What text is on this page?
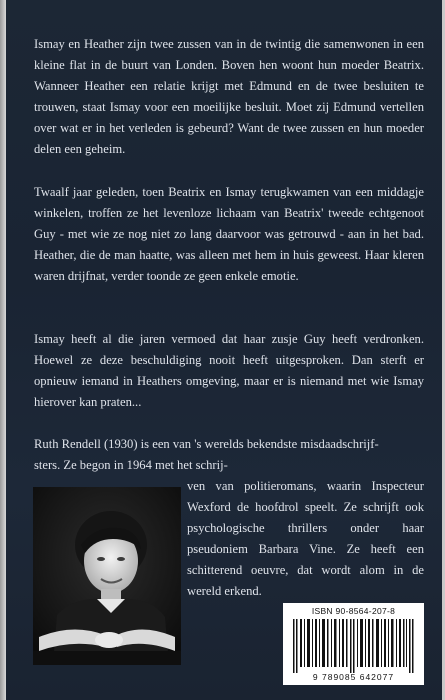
Ismay en Heather zijn twee zussen van in de twintig die samenwonen in een kleine flat in de buurt van Londen. Boven hen woont hun moeder Beatrix. Wanneer Heather een relatie krijgt met Edmund en de twee besluiten te trouwen, staat Ismay voor een moeilijke besluit. Moet zij Edmund vertellen over wat er in het verleden is gebeurd? Want de twee zussen en hun moeder delen een geheim.
Twaalf jaar geleden, toen Beatrix en Ismay terugkwamen van een middagje winkelen, troffen ze het levenloze lichaam van Beatrix' tweede echtgenoot Guy - met wie ze nog niet zo lang daarvoor was getrouwd - aan in het bad. Heather, die de man haatte, was alleen met hem in huis geweest. Haar kleren waren drijfnat, verder toonde ze geen enkele emotie.
Ismay heeft al die jaren vermoed dat haar zusje Guy heeft verdronken. Hoewel ze deze beschuldiging nooit heeft uitgesproken. Dan sterft er opnieuw iemand in Heathers omgeving, maar er is niemand met wie Ismay hierover kan praten...
Ruth Rendell (1930) is een van 's werelds bekendste misdaadschrijf-
sters. Ze begon in 1964 met het schrij-
ven van politieromans, waarin Inspecteur Wexford de hoofdrol speelt. Ze schrijft ook psychologische thrillers onder haar pseudoniem Barbara Vine. Ze heeft een schitterend oeuvre, dat wordt alom in de wereld erkend.
ISBN 90-8564-207-8
9 789085 642077
